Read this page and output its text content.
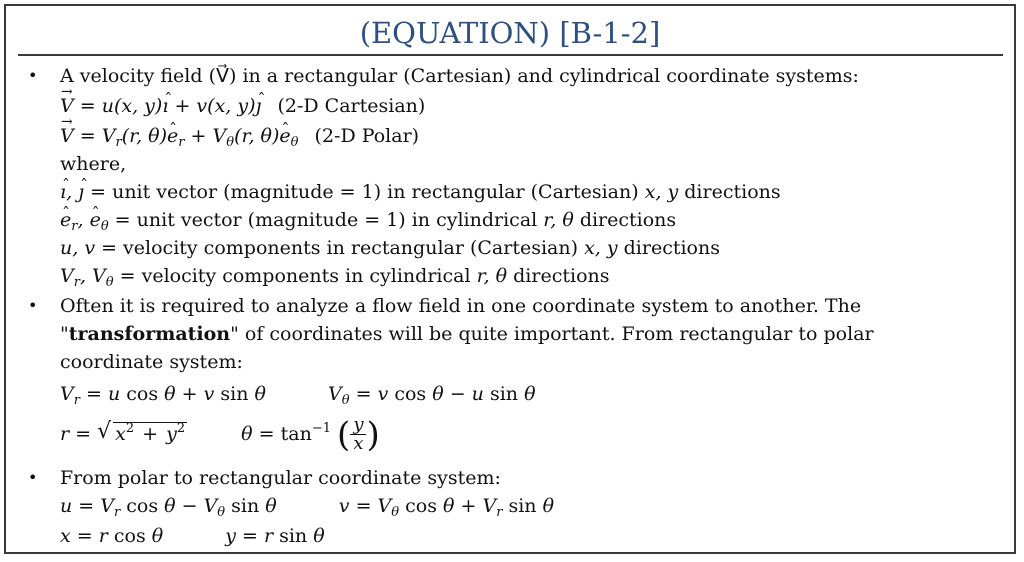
(EQUATION) [B-1-2]
• A velocity field (V⃗) in a rectangular (Cartesian) and cylindrical coordinate systems:
→ V = u(x, y)ˆ ı + v(x, y)ˆ ȷ (2-D Cartesian)
→ $V = V_r(r$, θ)ˆ $e_r + V_\theta(r$, θ)ˆ $e_\theta$ (2-D Polar)
where,
ˆ ı, ˆ ȷ = unit vector (magnitude = 1) in rectangular (Cartesian) x, y directions
ˆ $e_r$, ˆ $e_\theta$ = unit vector (magnitude = 1) in cylindrical r, θ directions
u, v = velocity components in rectangular (Cartesian) x, y directions
$V_r$, $V_\theta$ = velocity components in cylindrical r, θ directions
• Often it is required to analyze a flow field in one coordinate system to another. The
"transformation" of coordinates will be quite important. From rectangular to polar
coordinate system:
$V_r = u$ cos θ + v sin θ	$V_\theta = v$ cos θ − u sin θ
r = √ $x^2 + y^2$	$\theta = \tan^{-1}$ ( $\frac{y}{x}$ )
• From polar to rectangular coordinate system:
$u = V_r$ $\cos \theta - V_\theta$ sin θ	$v = V_\theta$ $\cos \theta + V_r$ sin θ
x = r cos θ	y = r sin θ
